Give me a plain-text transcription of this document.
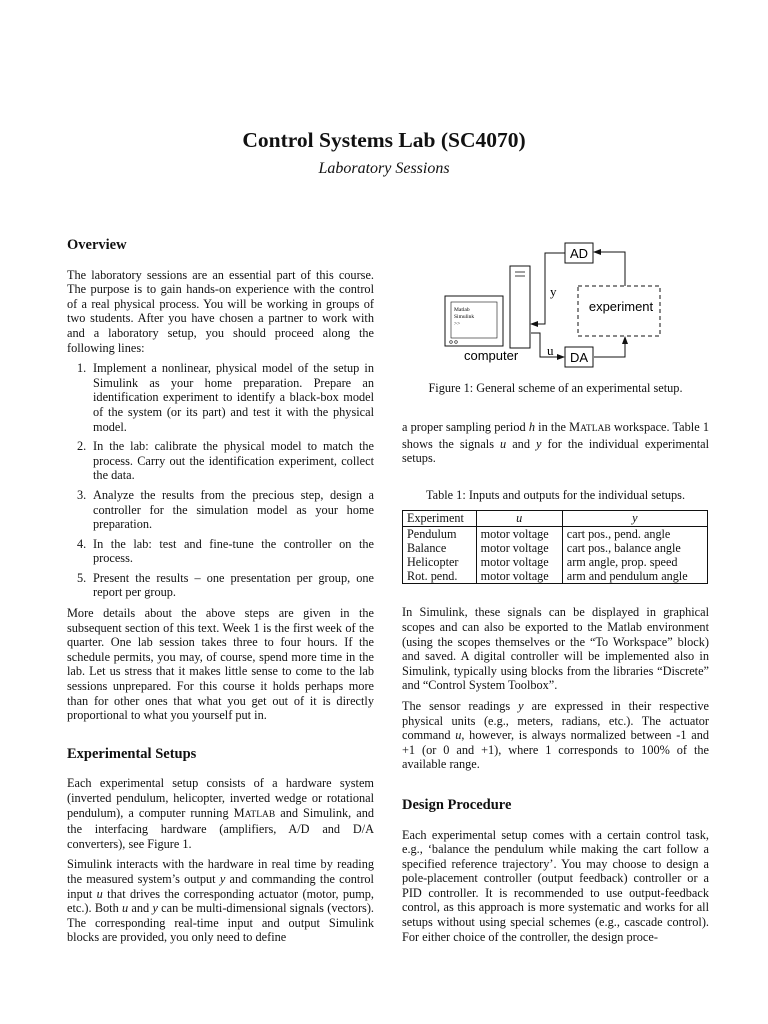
Control Systems Lab (SC4070)
Laboratory Sessions
Overview

The laboratory sessions are an essential part of this course. The purpose is to gain hands-on experience with the control of a real physical process. You will be working in groups of two students. After you have chosen a partner to work with and a laboratory setup, you should proceed along the following lines:

1. Implement a nonlinear, physical model of the setup in Simulink as your home preparation. Prepare an identification experiment to identify a black-box model of the system (or its part) and test it with the physical model.
2. In the lab: calibrate the physical model to match the process. Carry out the identification experiment, collect the data.
3. Analyze the results from the precious step, design a controller for the simulation model as your home preparation.
4. In the lab: test and fine-tune the controller on the process.
5. Present the results – one presentation per group, one report per group.

More details about the above steps are given in the subsequent section of this text. Week 1 is the first week of the quarter. One lab session takes three to four hours. If the schedule permits, you may, of course, spend more time in the lab. Let us stress that it makes little sense to come to the lab sessions unprepared. For this course it holds perhaps more than for other ones that what you get out of it is directly proportional to what you yourself put in.

Experimental Setups

Each experimental setup consists of a hardware system (inverted pendulum, helicopter, inverted wedge or rotational pendulum), a computer running MATLAB and Simulink, and the interfacing hardware (amplifiers, A/D and D/A converters), see Figure 1.

Simulink interacts with the hardware in real time by reading the measured system’s output y and commanding the control input u that drives the corresponding actuator (motor, pump, etc.). Both u and y can be multi-dimensional signals (vectors). The corresponding real-time input and output Simulink blocks are provided, you only need to define

Matlab
Simulink
>>
AD
DA
experiment
y
u
computer
Figure 1: General scheme of an experimental setup.

a proper sampling period h in the MATLAB workspace. Table 1 shows the signals u and y for the individual experimental setups.

Table 1: Inputs and outputs for the individual setups.

Experiment	u	y
Pendulum	motor voltage	cart pos., pend. angle
Balance	motor voltage	cart pos., balance angle
Helicopter	motor voltage	arm angle, prop. speed
Rot. pend.	motor voltage	arm and pendulum angle

In Simulink, these signals can be displayed in graphical scopes and can also be exported to the Matlab environment (using the scopes themselves or the “To Workspace” block) and saved. A digital controller will be implemented also in Simulink, typically using blocks from the libraries “Discrete” and “Control System Toolbox”.

The sensor readings y are expressed in their respective physical units (e.g., meters, radians, etc.). The actuator command u, however, is always normalized between -1 and +1 (or 0 and +1), where 1 corresponds to 100% of the available range.

Design Procedure

Each experimental setup comes with a certain control task, e.g., ‘balance the pendulum while making the cart follow a specified reference trajectory’. You may choose to design a pole-placement controller (output feedback) controller or a PID controller. It is recommended to use output-feedback control, as this approach is more systematic and works for all setups without using special schemes (e.g., cascade control). For either choice of the controller, the design proce-
